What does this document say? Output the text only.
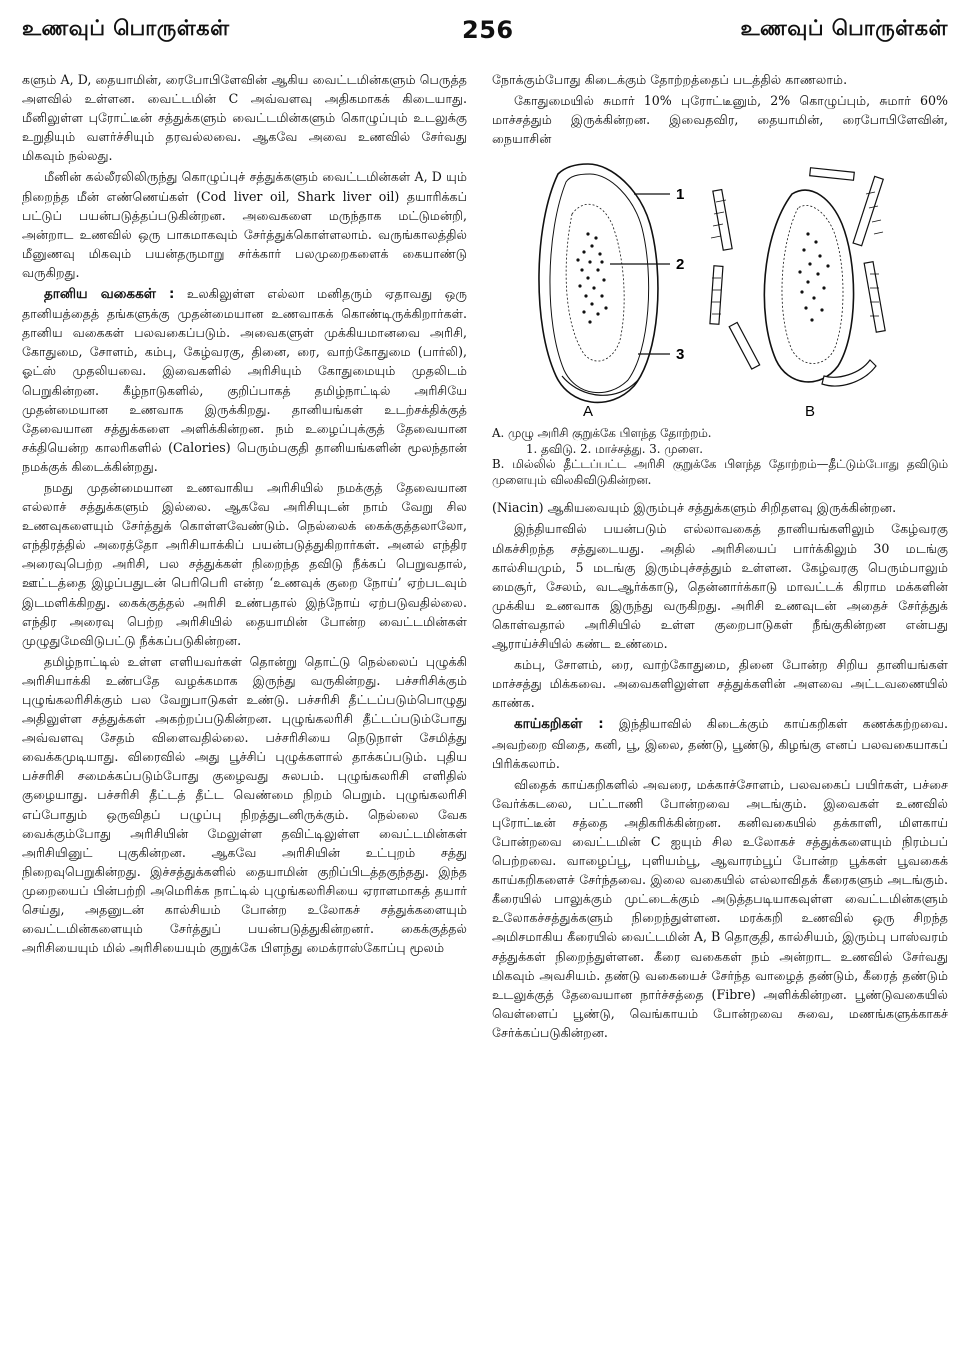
உணவுப் பொருள்கள்	256	உணவுப் பொருள்கள்

களும் A, D, தையாமின், ரைபோபிளேவின் ஆகிய வைட்டமின்களும் பெருத்த அளவில் உள்ளன. வைட்டமின் C அவ்வளவு அதிகமாகக் கிடையாது. மீனிலுள்ள புரோட்டீன் சத்துக்களும் வைட்டமின்களும் கொழுப்பும் உடலுக்கு உறுதியும் வளர்ச்சியும் தரவல்லவை. ஆகவே அவை உணவில் சேர்வது மிகவும் நல்லது.

மீனின் கல்லீரலிலிருந்து கொழுப்புச் சத்துக்களும் வைட்டமின்கள் A, D யும் நிறைந்த மீன் எண்ணெய்கள் (Cod liver oil, Shark liver oil) தயாரிக்கப் பட்டுப் பயன்படுத்தப்படுகின்றன. அவைகளை மருந்தாக மட்டுமன்றி, அன்றாட உணவில் ஒரு பாகமாகவும் சேர்த்துக்கொள்ளலாம். வருங்காலத்தில் மீனுணவு மிகவும் பயன்தருமாறு சர்க்கார் பலமுறைகளைக் கையாண்டு வருகிறது.

தானிய வகைகள் : உலகிலுள்ள எல்லா மனிதரும் ஏதாவது ஒரு தானியத்தைத் தங்களுக்கு முதன்மையான உணவாகக் கொண்டிருக்கிறார்கள். தானிய வகைகள் பலவகைப்படும். அவைகளுள் முக்கியமானவை அரிசி, கோதுமை, சோளம், கம்பு, கேழ்வரகு, தினை, ரை, வாற்கோதுமை (பார்லி), ஓட்ஸ் முதலியவை. இவைகளில் அரிசியும் கோதுமையும் முதலிடம் பெறுகின்றன. கீழ்நாடுகளில், குறிப்பாகத் தமிழ்நாட்டில் அரிசியே முதன்மையான உணவாக இருக்கிறது. தானியங்கள் உடற்சக்திக்குத் தேவையான சத்துக்களை அளிக்கின்றன. நம் உழைப்புக்குத் தேவையான சக்தியென்ற காலரிகளில் (Calories) பெரும்பகுதி தானியங்களின் மூலந்தான் நமக்குக் கிடைக்கின்றது.

நமது முதன்மையான உணவாகிய அரிசியில் நமக்குத் தேவையான எல்லாச் சத்துக்களும் இல்லை. ஆகவே அரிசியுடன் நாம் வேறு சில உணவுகளையும் சேர்த்துக் கொள்ளவேண்டும். நெல்லைக் கைக்குத்தலாலோ, எந்திரத்தில் அரைத்தோ அரிசியாக்கிப் பயன்படுத்துகிறார்கள். அனல் எந்திர அரைவுபெற்ற அரிசி, பல சத்துக்கள் நிறைந்த தவிடு நீக்கப் பெறுவதால், ஊட்டத்தை இழப்பதுடன் பெரிபெரி என்ற ‘உணவுக் குறை நோய்’ ஏற்படவும் இடமளிக்கிறது. கைக்குத்தல் அரிசி உண்பதால் இந்நோய் ஏற்படுவதில்லை. எந்திர அரைவு பெற்ற அரிசியில் தையாமின் போன்ற வைட்டமின்கள் முழுதுமேவிடுபட்டு நீக்கப்படுகின்றன.

தமிழ்நாட்டில் உள்ள எளியவர்கள் தொன்று தொட்டு நெல்லைப் புழுக்கி அரிசியாக்கி உண்பதே வழக்கமாக இருந்து வருகின்றது. பச்சரிசிக்கும் புழுங்கலரிசிக்கும் பல வேறுபாடுகள் உண்டு. பச்சரிசி தீட்டப்படும்பொழுது அதிலுள்ள சத்துக்கள் அகற்றப்படுகின்றன. புழுங்கலரிசி தீட்டப்படும்போது அவ்வளவு சேதம் விளைவதில்லை. பச்சரிசியை நெடுநாள் சேமித்து வைக்கமுடியாது. விரைவில் அது பூச்சிப் புழுக்களால் தாக்கப்படும். புதிய பச்சரிசி சமைக்கப்படும்போது குழைவது சுலபம். புழுங்கலரிசி எளிதில் குழையாது. பச்சரிசி தீட்டத் தீட்ட வெண்மை நிறம் பெறும். புழுங்கலரிசி எப்போதும் ஒருவிதப் பழுப்பு நிறத்துடனிருக்கும். நெல்லை வேக வைக்கும்போது அரிசியின் மேலுள்ள தவிட்டிலுள்ள வைட்டமின்கள் அரிசியினுட் புகுகின்றன. ஆகவே அரிசியின் உட்புறம் சத்து நிறைவுபெறுகின்றது. இச்சத்துக்களில் தையாமின் குறிப்பிடத்தகுந்தது. இந்த முறையைப் பின்பற்றி அமெரிக்க நாட்டில் புழுங்கலரிசியை ஏராளமாகத் தயார் செய்து, அதனுடன் கால்சியம் போன்ற உலோகச் சத்துக்களையும் வைட்டமின்களையும் சேர்த்துப் பயன்படுத்துகின்றனர். கைக்குத்தல் அரிசியையும் மில் அரிசியையும் குறுக்கே பிளந்து மைக்ராஸ்கோப்பு மூலம்

நோக்கும்போது கிடைக்கும் தோற்றத்தைப் படத்தில் காணலாம்.

கோதுமையில் சுமார் 10% புரோட்டீனும், 2% கொழுப்பும், சுமார் 60% மாச்சத்தும் இருக்கின்றன. இவைதவிர, தையாமின், ரைபோபிளேவின், நையாசின்

1
2
3
A	B
A. முழு அரிசி குறுக்கே பிளந்த தோற்றம்.
1. தவிடு. 2. மாச்சத்து. 3. முளை.
B. மில்லில் தீட்டப்பட்ட அரிசி குறுக்கே பிளந்த தோற்றம்—தீட்டும்போது தவிடும் முளையும் விலகிவிடுகின்றன.

(Niacin) ஆகியவையும் இரும்புச் சத்துக்களும் சிறிதளவு இருக்கின்றன.

இந்தியாவில் பயன்படும் எல்லாவகைத் தானியங்களிலும் கேழ்வரகு மிகச்சிறந்த சத்துடையது. அதில் அரிசியைப் பார்க்கிலும் 30 மடங்கு கால்சியமும், 5 மடங்கு இரும்புச்சத்தும் உள்ளன. கேழ்வரகு பெரும்பாலும் மைசூர், சேலம், வடஆர்க்காடு, தென்னார்க்காடு மாவட்டக் கிராம மக்களின் முக்கிய உணவாக இருந்து வருகிறது. அரிசி உணவுடன் அதைச் சேர்த்துக் கொள்வதால் அரிசியில் உள்ள குறைபாடுகள் நீங்குகின்றன என்பது ஆராய்ச்சியில் கண்ட உண்மை.

கம்பு, சோளம், ரை, வாற்கோதுமை, தினை போன்ற சிறிய தானியங்கள் மாச்சத்து மிக்கவை. அவைகளிலுள்ள சத்துக்களின் அளவை அட்டவணையில் காண்க.

காய்கறிகள் : இந்தியாவில் கிடைக்கும் காய்கறிகள் கணக்கற்றவை. அவற்றை விதை, கனி, பூ, இலை, தண்டு, பூண்டு, கிழங்கு எனப் பலவகையாகப் பிரிக்கலாம்.

விதைக் காய்கறிகளில் அவரை, மக்காச்சோளம், பலவகைப் பயிர்கள், பச்சை வேர்க்கடலை, பட்டாணி போன்றவை அடங்கும். இவைகள் உணவில் புரோட்டீன் சத்தை அதிகரிக்கின்றன. கனிவகையில் தக்காளி, மிளகாய் போன்றவை வைட்டமின் C ஐயும் சில உலோகச் சத்துக்களையும் நிரம்பப் பெற்றவை. வாழைப்பூ, புளியம்பூ, ஆவாரம்பூப் போன்ற பூக்கள் பூவகைக் காய்கறிகளைச் சேர்ந்தவை. இலை வகையில் எல்லாவிதக் கீரைகளும் அடங்கும். கீரையில் பாலுக்கும் முட்டைக்கும் அடுத்தபடியாகவுள்ள வைட்டமின்களும் உலோகச்சத்துக்களும் நிறைந்துள்ளன. மரக்கறி உணவில் ஒரு சிறந்த அமிசமாகிய கீரையில் வைட்டமின் A, B தொகுதி, கால்சியம், இரும்பு பாஸ்வரம் சத்துக்கள் நிறைந்துள்ளன. கீரை வகைகள் நம் அன்றாட உணவில் சேர்வது மிகவும் அவசியம். தண்டு வகையைச் சேர்ந்த வாழைத் தண்டும், கீரைத் தண்டும் உடலுக்குத் தேவையான நார்ச்சத்தை (Fibre) அளிக்கின்றன. பூண்டுவகையில் வெள்ளைப் பூண்டு, வெங்காயம் போன்றவை சுவை, மணங்களுக்காகச் சேர்க்கப்படுகின்றன.
